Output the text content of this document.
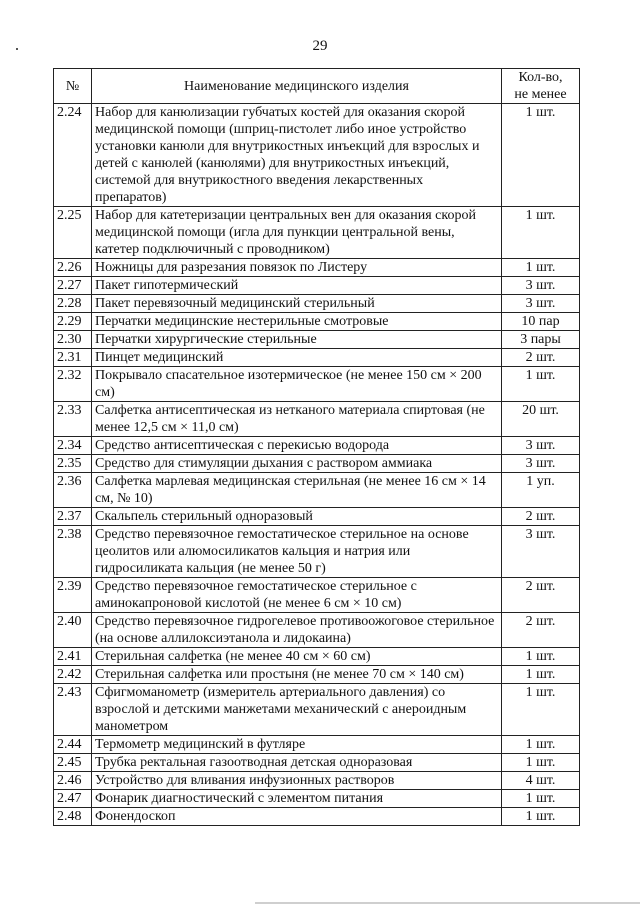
29
№	Наименование медицинского изделия	Кол-во,
не менее

2.24	Набор для канюлизации губчатых костей для оказания скорой медицинской помощи (шприц-пистолет либо иное устройство установки канюли для внутрикостных инъекций для взрослых и детей с канюлей (канюлями) для внутрикостных инъекций, системой для внутрикостного введения лекарственных препаратов)	1 шт.
2.25	Набор для катетеризации центральных вен для оказания скорой медицинской помощи (игла для пункции центральной вены, катетер подключичный с проводником)	1 шт.
2.26	Ножницы для разрезания повязок по Листеру	1 шт.
2.27	Пакет гипотермический	3 шт.
2.28	Пакет перевязочный медицинский стерильный	3 шт.
2.29	Перчатки медицинские нестерильные смотровые	10 пар
2.30	Перчатки хирургические стерильные	3 пары
2.31	Пинцет медицинский	2 шт.
2.32	Покрывало спасательное изотермическое (не менее 150 см × 200 см)	1 шт.
2.33	Салфетка антисептическая из нетканого материала спиртовая (не менее 12,5 см × 11,0 см)	20 шт.
2.34	Средство антисептическая с перекисью водорода	3 шт.
2.35	Средство для стимуляции дыхания с раствором аммиака	3 шт.
2.36	Салфетка марлевая медицинская стерильная (не менее 16 см × 14 см, № 10)	1 уп.
2.37	Скальпель стерильный одноразовый	2 шт.
2.38	Средство перевязочное гемостатическое стерильное на основе цеолитов или алюмосиликатов кальция и натрия или гидросиликата кальция (не менее 50 г)	3 шт.
2.39	Средство перевязочное гемостатическое стерильное с аминокапроновой кислотой (не менее 6 см × 10 см)	2 шт.
2.40	Средство перевязочное гидрогелевое противоожоговое стерильное (на основе аллилоксиэтанола и лидокаина)	2 шт.
2.41	Стерильная салфетка (не менее 40 см × 60 см)	1 шт.
2.42	Стерильная салфетка или простыня (не менее 70 см × 140 см)	1 шт.
2.43	Сфигмоманометр (измеритель артериального давления) со взрослой и детскими манжетами механический с анероидным манометром	1 шт.
2.44	Термометр медицинский в футляре	1 шт.
2.45	Трубка ректальная газоотводная детская одноразовая	1 шт.
2.46	Устройство для вливания инфузионных растворов	4 шт.
2.47	Фонарик диагностический с элементом питания	1 шт.
2.48	Фонендоскоп	1 шт.
